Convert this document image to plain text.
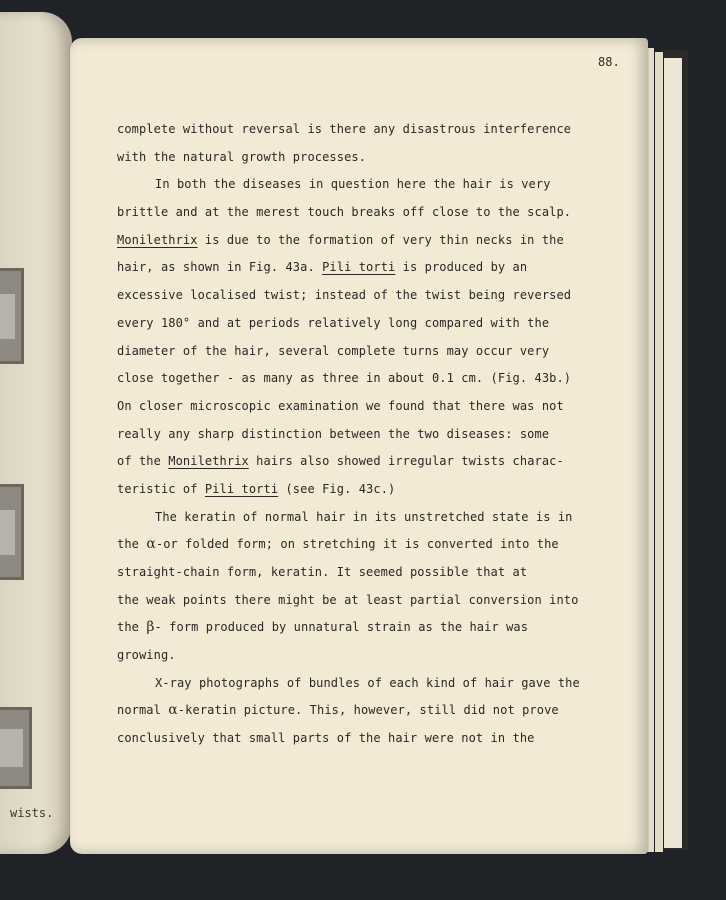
wists.
88.
complete without reversal is there any disastrous interference
with the natural growth processes.
In both the diseases in question here the hair is very
brittle and at the merest touch breaks off close to the scalp.
Monilethrix is due to the formation of very thin necks in the
hair, as shown in Fig. 43a. Pili torti is produced by an
excessive localised twist; instead of the twist being reversed
every 180° and at periods relatively long compared with the
diameter of the hair, several complete turns may occur very
close together - as many as three in about 0.1 cm. (Fig. 43b.)
On closer microscopic examination we found that there was not
really any sharp distinction between the two diseases: some
of the Monilethrix hairs also showed irregular twists charac-
teristic of Pili torti (see Fig. 43c.)
The keratin of normal hair in its unstretched state is in
the α-or folded form; on stretching it is converted into the
straight-chain form, keratin. It seemed possible that at
the weak points there might be at least partial conversion into
the β- form produced by unnatural strain as the hair was
growing.
X-ray photographs of bundles of each kind of hair gave the
normal α-keratin picture. This, however, still did not prove
conclusively that small parts of the hair were not in the
